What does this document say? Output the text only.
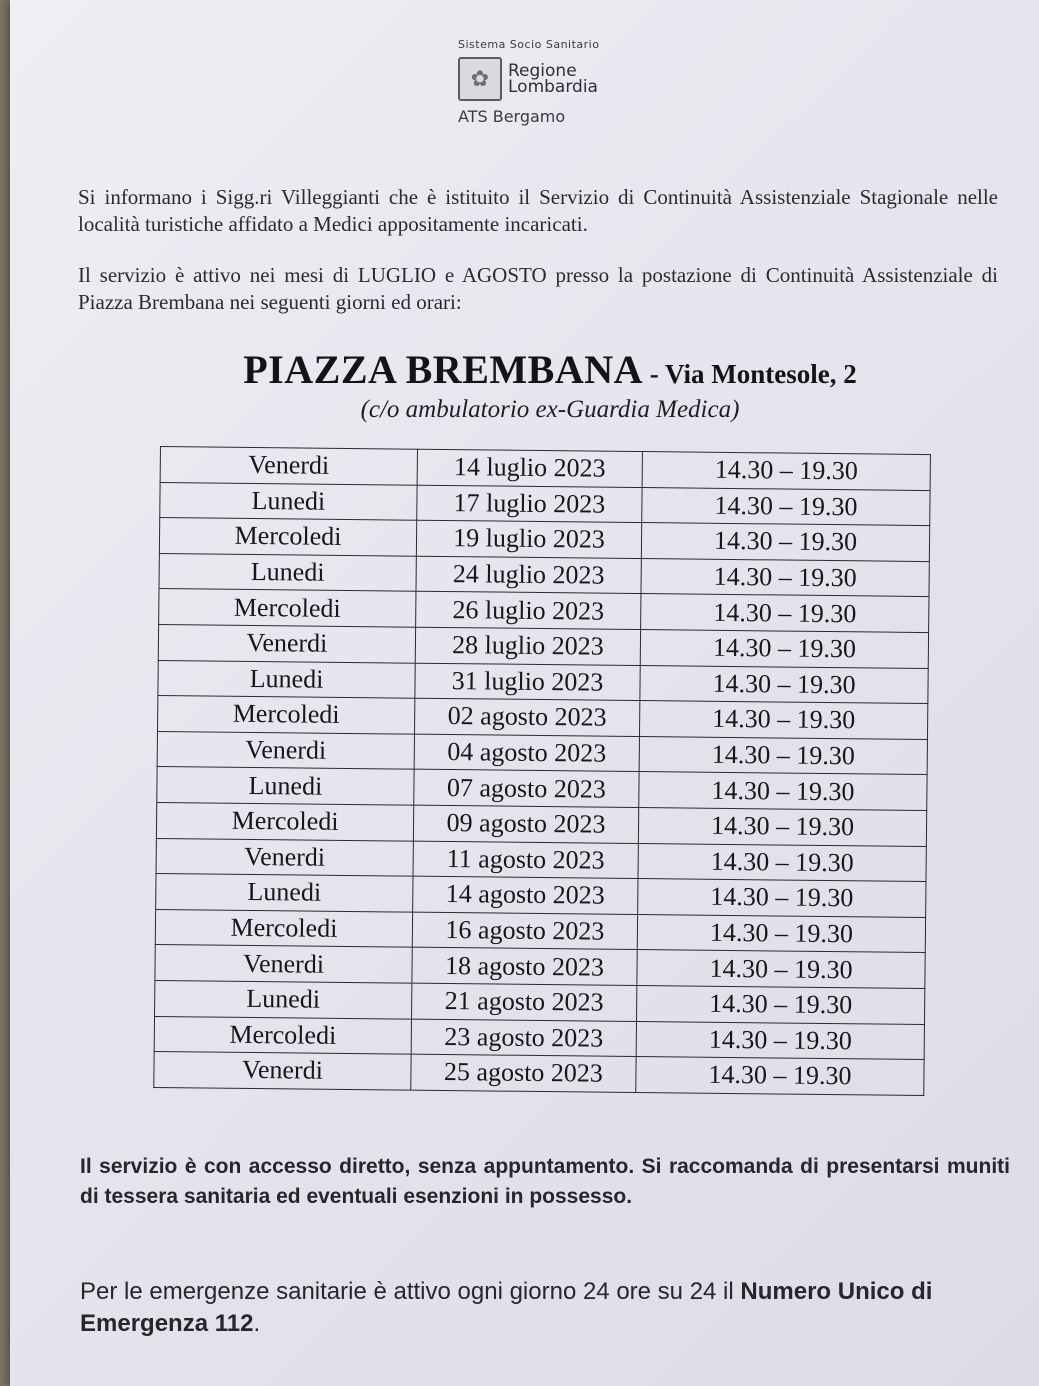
Sistema Socio Sanitario
✿	Regione
Lombardia
ATS Bergamo

Si informano i Sigg.ri Villeggianti che è istituito il Servizio di Continuità Assistenziale Stagionale nelle località turistiche affidato a Medici appositamente incaricati.

Il servizio è attivo nei mesi di LUGLIO e AGOSTO presso la postazione di Continuità Assistenziale di Piazza Brembana nei seguenti giorni ed orari:

PIAZZA BREMBANA - Via Montesole, 2
(c/o ambulatorio ex-Guardia Medica)
Venerdi	14 luglio 2023	14.30 – 19.30
Lunedi	17 luglio 2023	14.30 – 19.30
Mercoledi	19 luglio 2023	14.30 – 19.30
Lunedi	24 luglio 2023	14.30 – 19.30
Mercoledi	26 luglio 2023	14.30 – 19.30
Venerdi	28 luglio 2023	14.30 – 19.30
Lunedi	31 luglio 2023	14.30 – 19.30
Mercoledi	02 agosto 2023	14.30 – 19.30
Venerdi	04 agosto 2023	14.30 – 19.30
Lunedi	07 agosto 2023	14.30 – 19.30
Mercoledi	09 agosto 2023	14.30 – 19.30
Venerdi	11 agosto 2023	14.30 – 19.30
Lunedi	14 agosto 2023	14.30 – 19.30
Mercoledi	16 agosto 2023	14.30 – 19.30
Venerdi	18 agosto 2023	14.30 – 19.30
Lunedi	21 agosto 2023	14.30 – 19.30
Mercoledi	23 agosto 2023	14.30 – 19.30
Venerdi	25 agosto 2023	14.30 – 19.30
Il servizio è con accesso diretto, senza appuntamento. Si raccomanda di presentarsi muniti di tessera sanitaria ed eventuali esenzioni in possesso.
Per le emergenze sanitarie è attivo ogni giorno 24 ore su 24 il Numero Unico di Emergenza 112.
